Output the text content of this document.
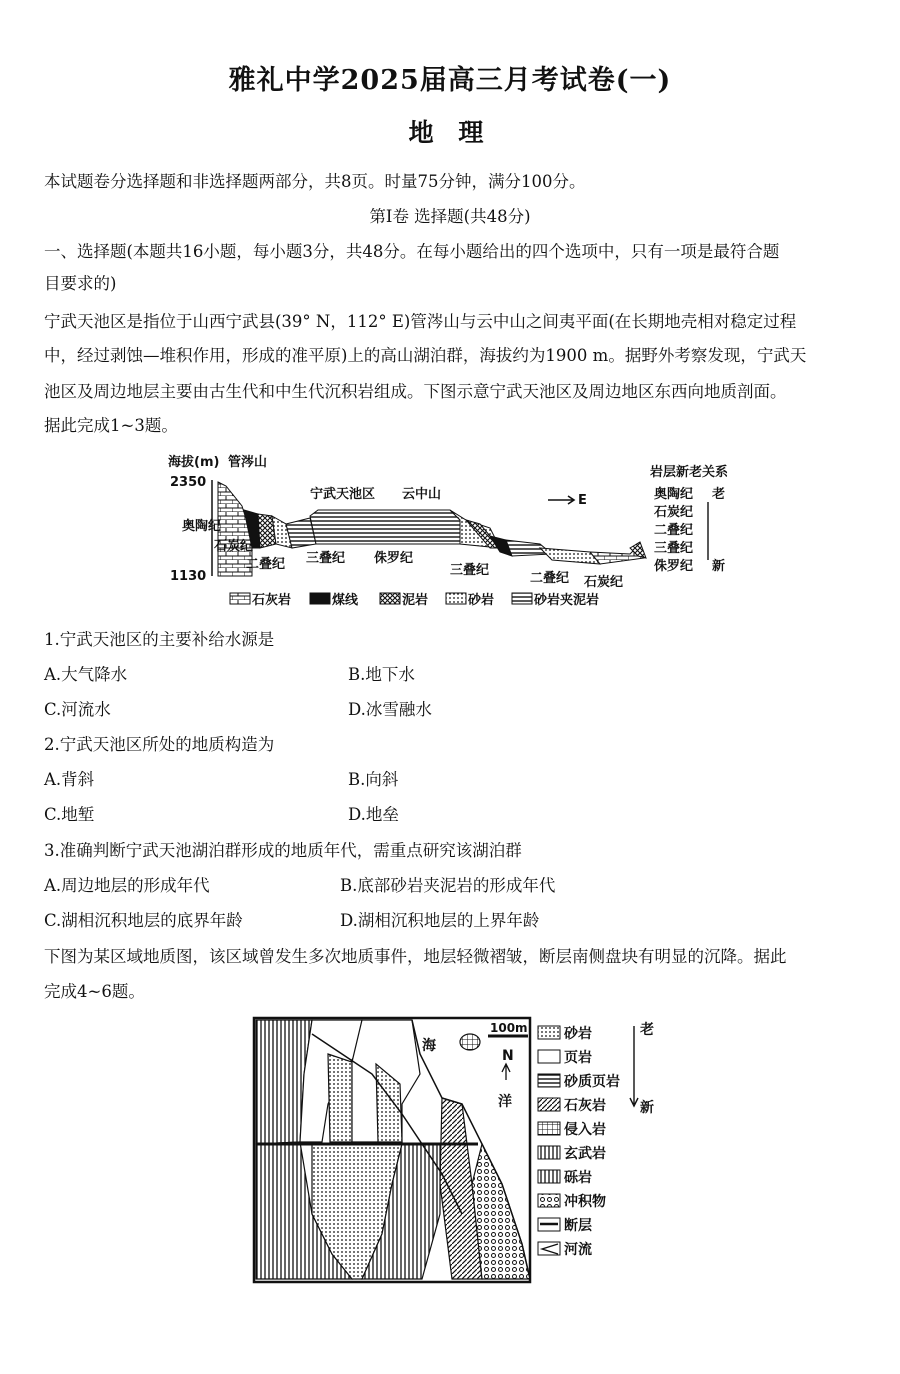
雅礼中学2025届高三月考试卷(一)
地 理
本试题卷分选择题和非选择题两部分，共8页。时量75分钟，满分100分。
第Ⅰ卷 选择题(共48分)
一、选择题(本题共16小题，每小题3分，共48分。在每小题给出的四个选项中，只有一项是最符合题
目要求的)
宁武天池区是指位于山西宁武县(39° N，112° E)管涔山与云中山之间夷平面(在长期地壳相对稳定过程
中，经过剥蚀—堆积作用，形成的准平原)上的高山湖泊群，海拔约为1900 m。据野外考察发现，宁武天
池区及周边地层主要由古生代和中生代沉积岩组成。下图示意宁武天池区及周边地区东西向地质剖面。
据此完成1~3题。
海拔(m) 管涔山
2350
1130
宁武天池区 云中山	E
奥陶纪
石炭纪
二叠纪 三叠纪 侏罗纪
三叠纪
二叠纪 石炭纪
岩层新老关系
奥陶纪
石炭纪
二叠纪
三叠纪
侏罗纪
老
新
石灰岩	煤线	泥岩	砂岩	砂岩夹泥岩
1.宁武天池区的主要补给水源是
A.大气降水	B.地下水
C.河流水	D.冰雪融水
2.宁武天池区所处的地质构造为
A.背斜	B.向斜
C.地堑	D.地垒
3.准确判断宁武天池湖泊群形成的地质年代，需重点研究该湖泊群
A.周边地层的形成年代	B.底部砂岩夹泥岩的形成年代
C.湖相沉积地层的底界年龄	D.湖相沉积地层的上界年龄
下图为某区域地质图，该区域曾发生多次地质事件，地层轻微褶皱，断层南侧盘块有明显的沉降。据此
完成4~6题。
海
洋
N
100m	砂岩
页岩
砂质页岩
石灰岩
侵入岩
玄武岩
砾岩
冲积物
断层
河流
老
新
